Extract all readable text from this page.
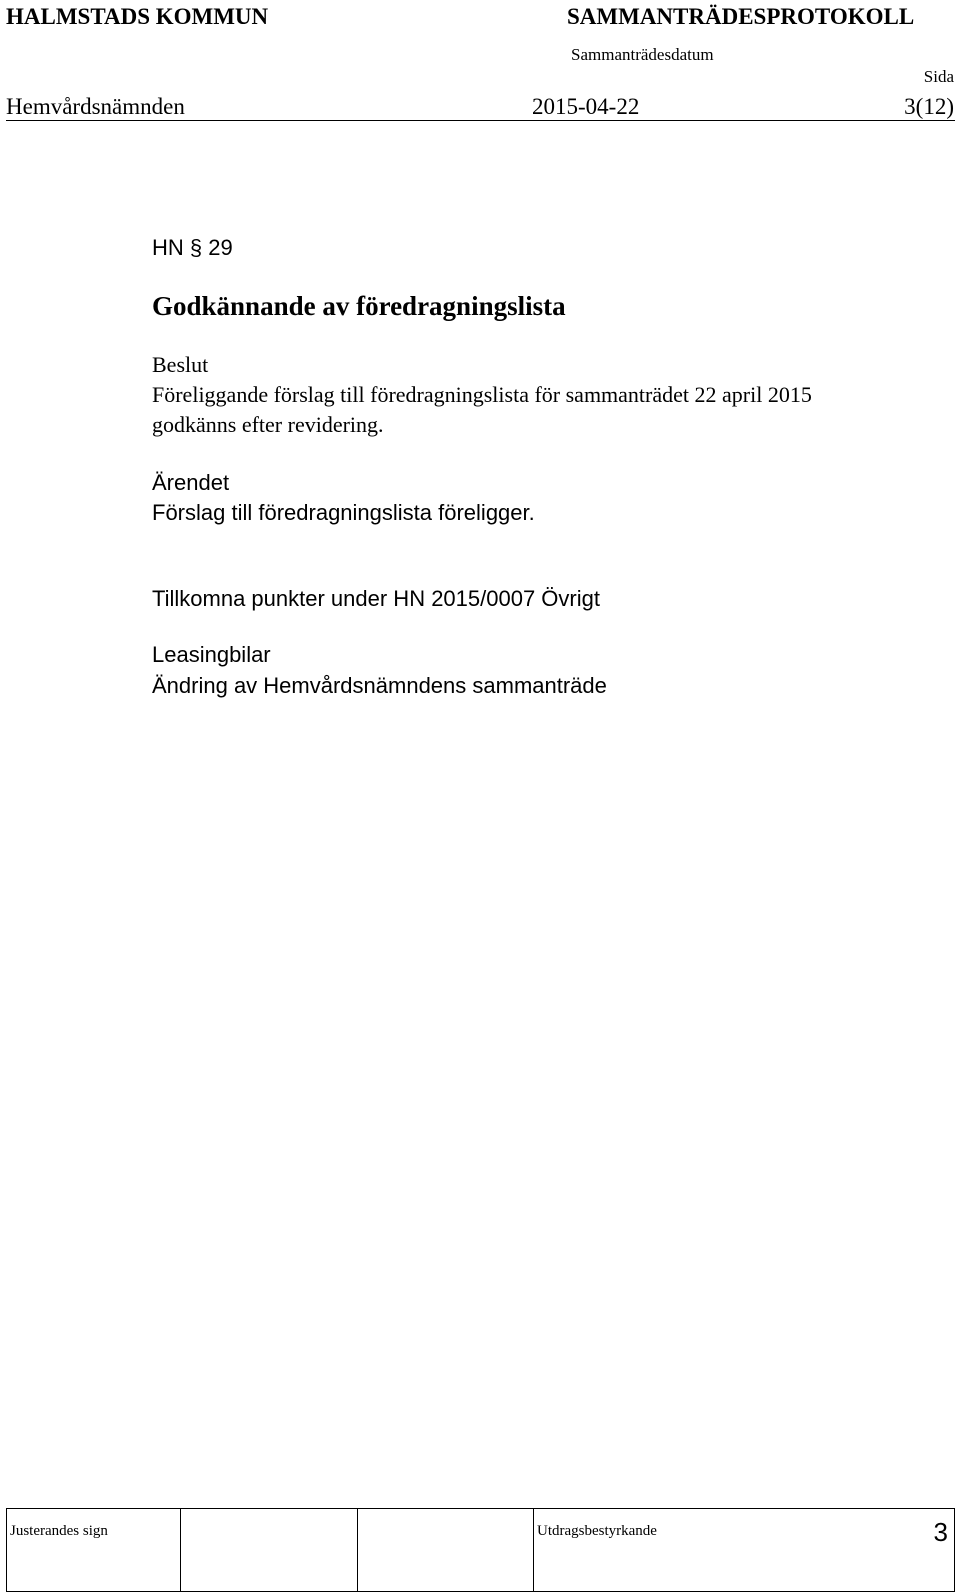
HALMSTADS KOMMUN	SAMMANTRÄDESPROTOKOLL
Sammanträdesdatum
Sida
Hemvårdsnämnden	2015-04-22	3(12)
HN § 29
Godkännande av föredragningslista
Beslut
Föreliggande förslag till föredragningslista för sammanträdet 22 april 2015
godkänns efter revidering.
Ärendet
Förslag till föredragningslista föreligger.
Tillkomna punkter under HN 2015/0007 Övrigt
Leasingbilar
Ändring av Hemvårdsnämndens sammanträde
Justerandes sign	Utdragsbestyrkande	3
